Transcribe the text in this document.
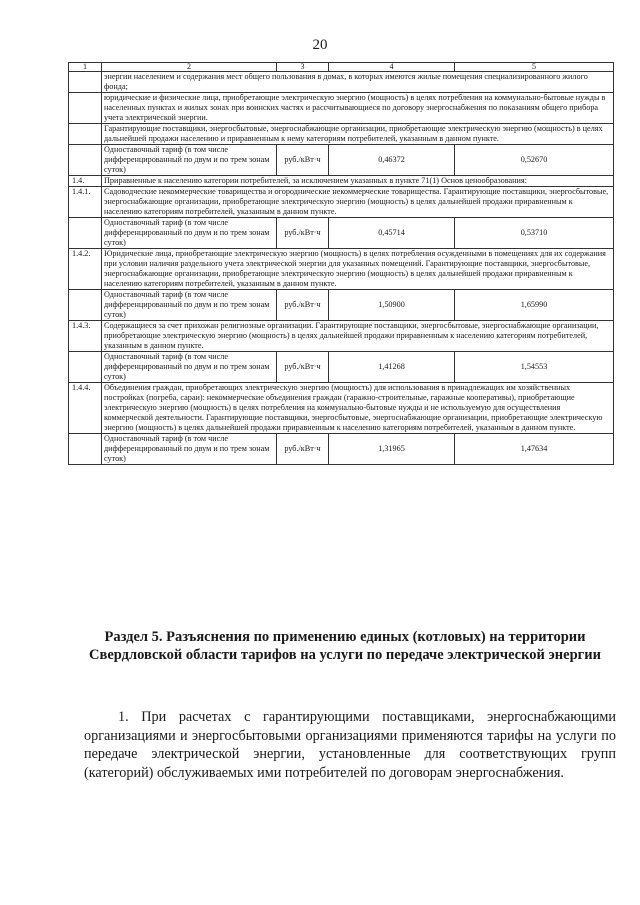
20
1	2	3	4	5
	энергии населением и содержания мест общего пользования в домах, в которых имеются жилые помещения специализированного жилого фонда;			
	юридические и физические лица, приобретающие электрическую энергию (мощность) в целях потребления на коммунально-бытовые нужды в населенных пунктах и жилых зонах при воинских частях и рассчитывающиеся по договору энергоснабжения по показаниям общего прибора учета электрической энергии.			
	Гарантирующие поставщики, энергосбытовые, энергоснабжающие организации, приобретающие электрическую энергию (мощность) в целях дальнейшей продажи населению и приравненным к нему категориям потребителей, указанным в данном пункте.			
	Одноставочный тариф (в том числе дифференцированный по двум и по трем зонам суток)	руб./кВт·ч	0,46372	0,52670
1.4.	Приравненные к населению категории потребителей, за исключением указанных в пункте 71(1) Основ ценообразования:			
1.4.1.	Садоводческие некоммерческие товарищества и огороднические некоммерческие товарищества. Гарантирующие поставщики, энергосбытовые, энергоснабжающие организации, приобретающие электрическую энергию (мощность) в целях дальнейшей продажи приравненным к населению категориям потребителей, указанным в данном пункте.			
	Одноставочный тариф (в том числе дифференцированный по двум и по трем зонам суток)	руб./кВт·ч	0,45714	0,53710
1.4.2.	Юридические лица, приобретающие электрическую энергию (мощность) в целях потребления осужденными в помещениях для их содержания при условии наличия раздельного учета электрической энергии для указанных помещений. Гарантирующие поставщики, энергосбытовые, энергоснабжающие организации, приобретающие электрическую энергию (мощность) в целях дальнейшей продажи приравненным к населению категориям потребителей, указанным в данном пункте.			
	Одноставочный тариф (в том числе дифференцированный по двум и по трем зонам суток)	руб./кВт·ч	1,50900	1,65990
1.4.3.	Содержащиеся за счет прихожан религиозные организации. Гарантирующие поставщики, энергосбытовые, энергоснабжающие организации, приобретающие электрическую энергию (мощность) в целях дальнейшей продажи приравненным к населению категориям потребителей, указанным в данном пункте.			
	Одноставочный тариф (в том числе дифференцированный по двум и по трем зонам суток)	руб./кВт·ч	1,41268	1,54553
1.4.4.	Объединения граждан, приобретающих электрическую энергию (мощность) для использования в принадлежащих им хозяйственных постройках (погреба, сараи): некоммерческие объединения граждан (гаражно-строительные, гаражные кооперативы), приобретающие электрическую энергию (мощность) в целях потребления на коммунально-бытовые нужды и не используемую для осуществления коммерческой деятельности. Гарантирующие поставщики, энергосбытовые, энергоснабжающие организации, приобретающие электрическую энергию (мощность) в целях дальнейшей продажи приравненным к населению категориям потребителей, указанным в данном пункте.			
	Одноставочный тариф (в том числе дифференцированный по двум и по трем зонам суток)	руб./кВт·ч	1,31965	1,47634
Раздел 5. Разъяснения по применению единых (котловых) на территории Свердловской области тарифов на услуги по передаче электрической энергии
1. При расчетах с гарантирующими поставщиками, энергоснабжающими организациями и энергосбытовыми организациями применяются тарифы на услуги по передаче электрической энергии, установленные для соответствующих групп (категорий) обслуживаемых ими потребителей по договорам энергоснабжения.
